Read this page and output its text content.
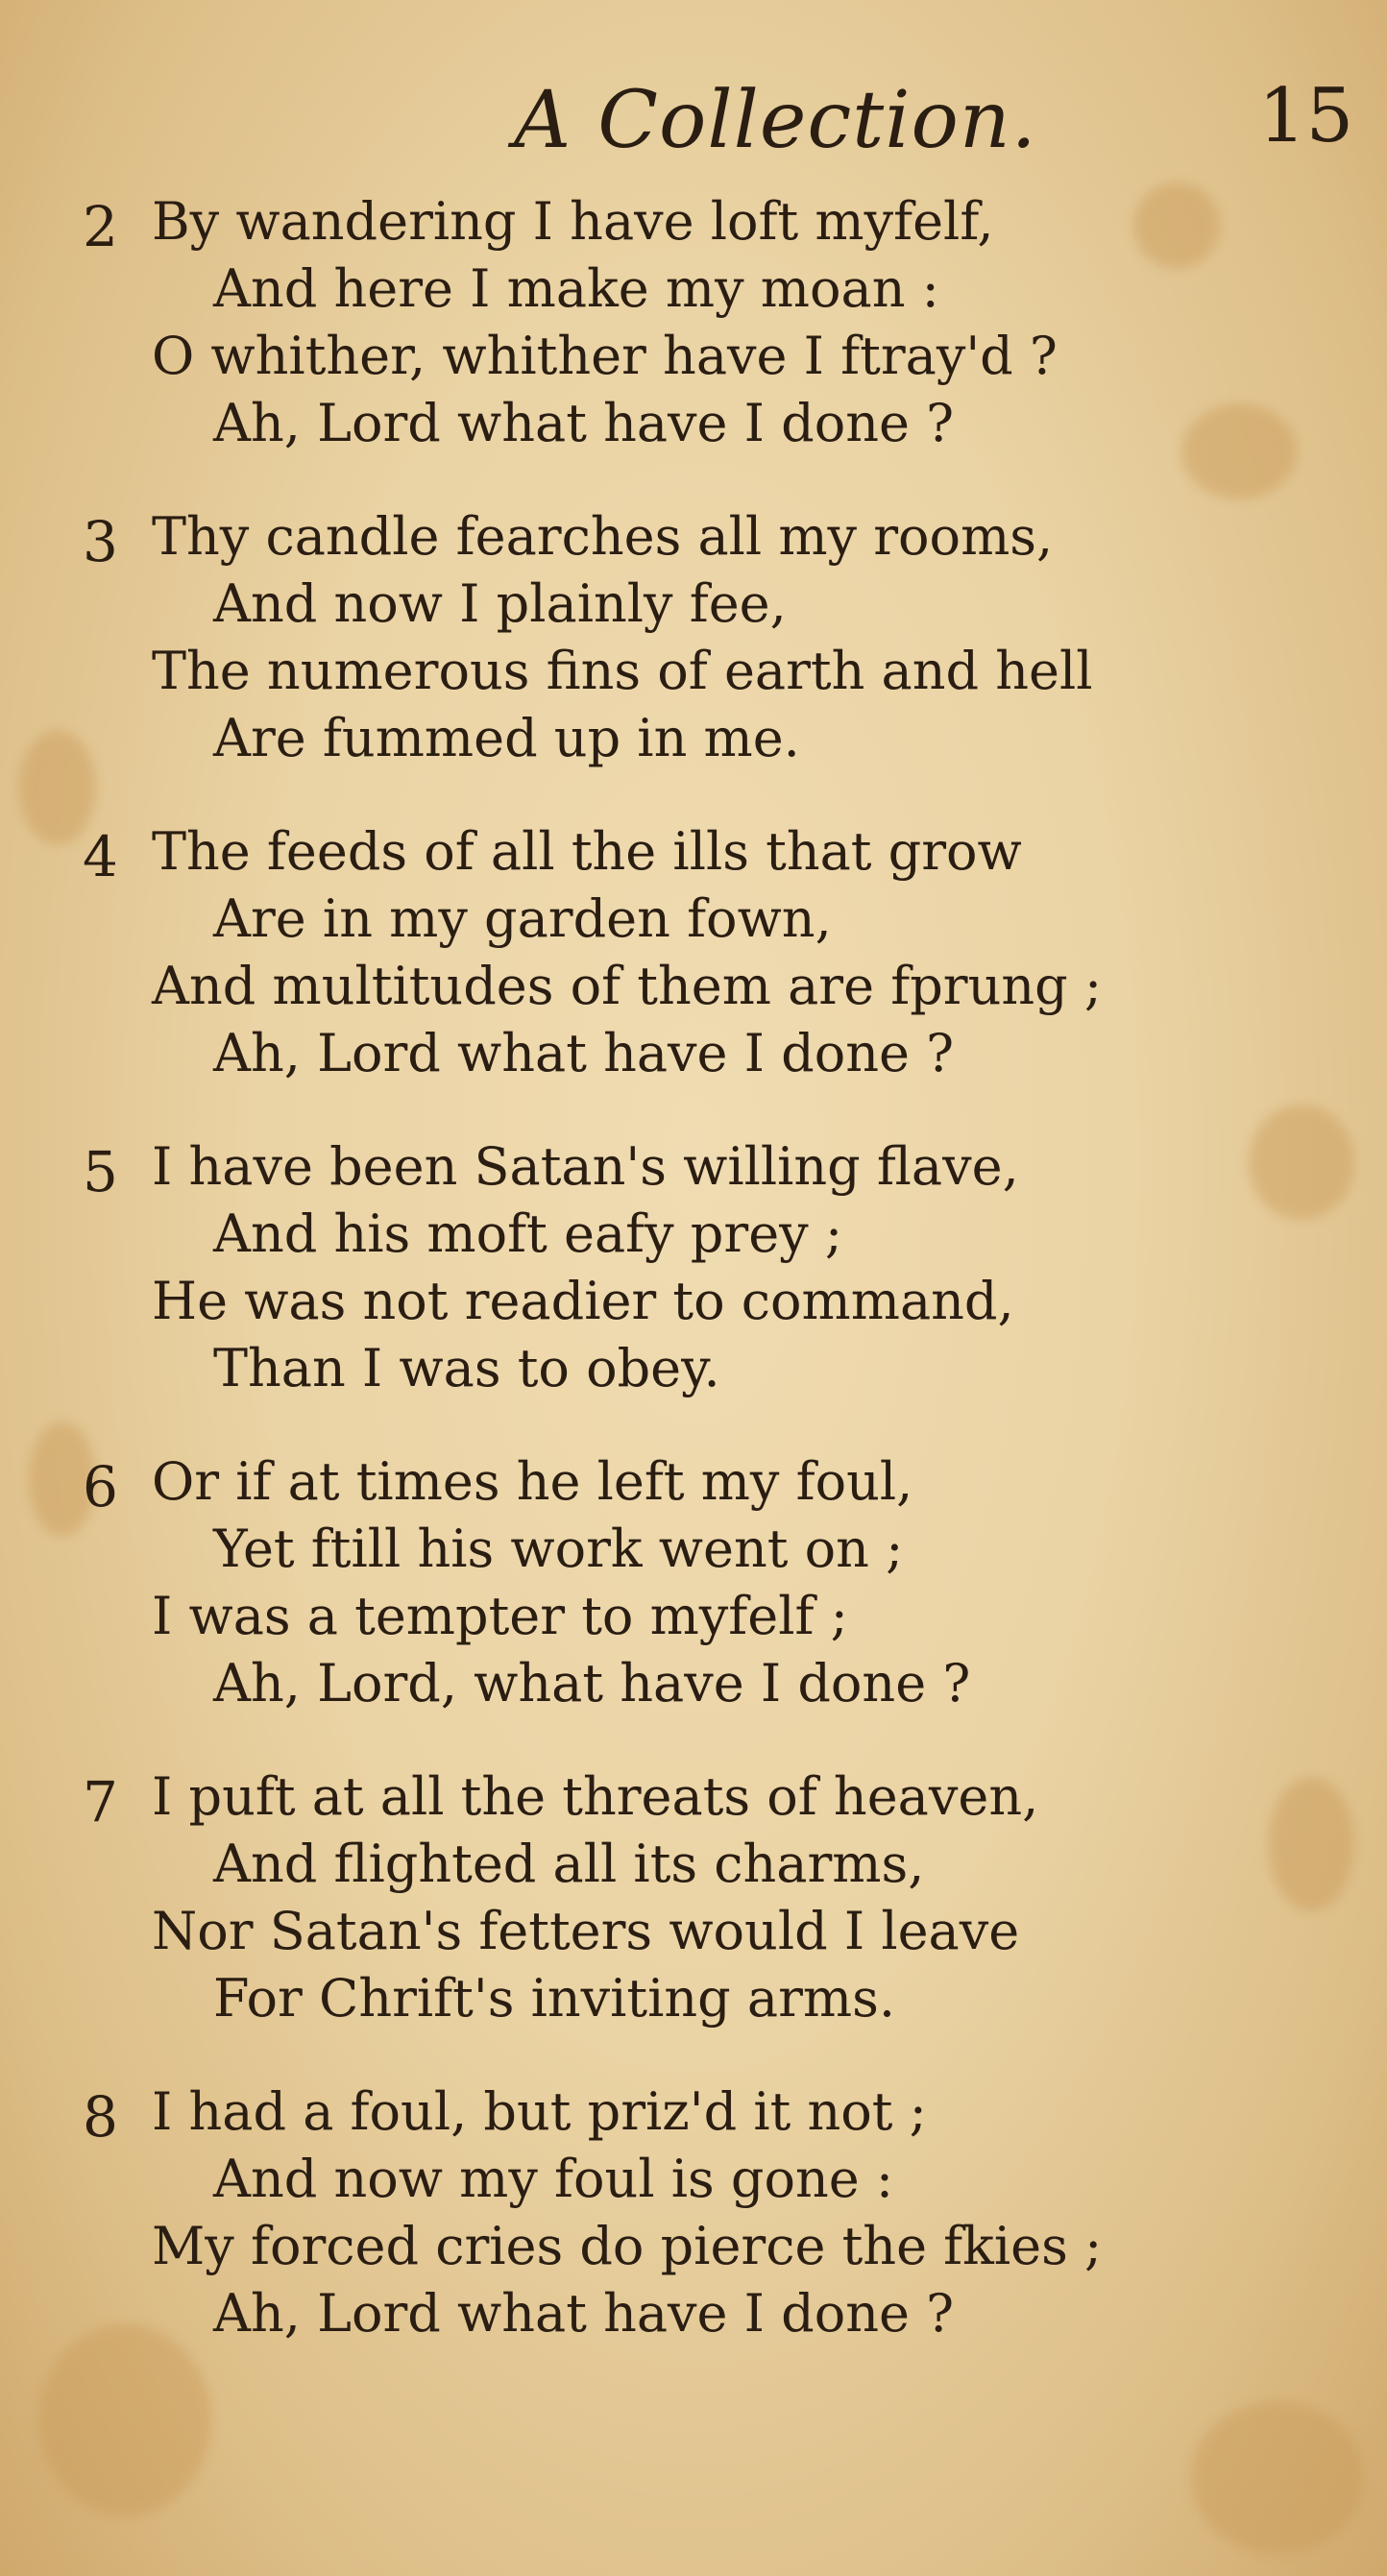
A Collection.	15
2 By wandering I have loft myfelf,
And here I make my moan :
O whither, whither have I ftray'd ?
Ah, Lord what have I done ?
3 Thy candle fearches all my rooms,
And now I plainly fee,
The numerous fins of earth and hell
Are fummed up in me.
4 The feeds of all the ills that grow
Are in my garden fown,
And multitudes of them are fprung ;
Ah, Lord what have I done ?
5 I have been Satan's willing flave,
And his moft eafy prey ;
He was not readier to command,
Than I was to obey.
6 Or if at times he left my foul,
Yet ftill his work went on ;
I was a tempter to myfelf ;
Ah, Lord, what have I done ?
7 I puft at all the threats of heaven,
And flighted all its charms,
Nor Satan's fetters would I leave
For Chrift's inviting arms.
8 I had a foul, but priz'd it not ;
And now my foul is gone :
My forced cries do pierce the fkies ;
Ah, Lord what have I done ?
